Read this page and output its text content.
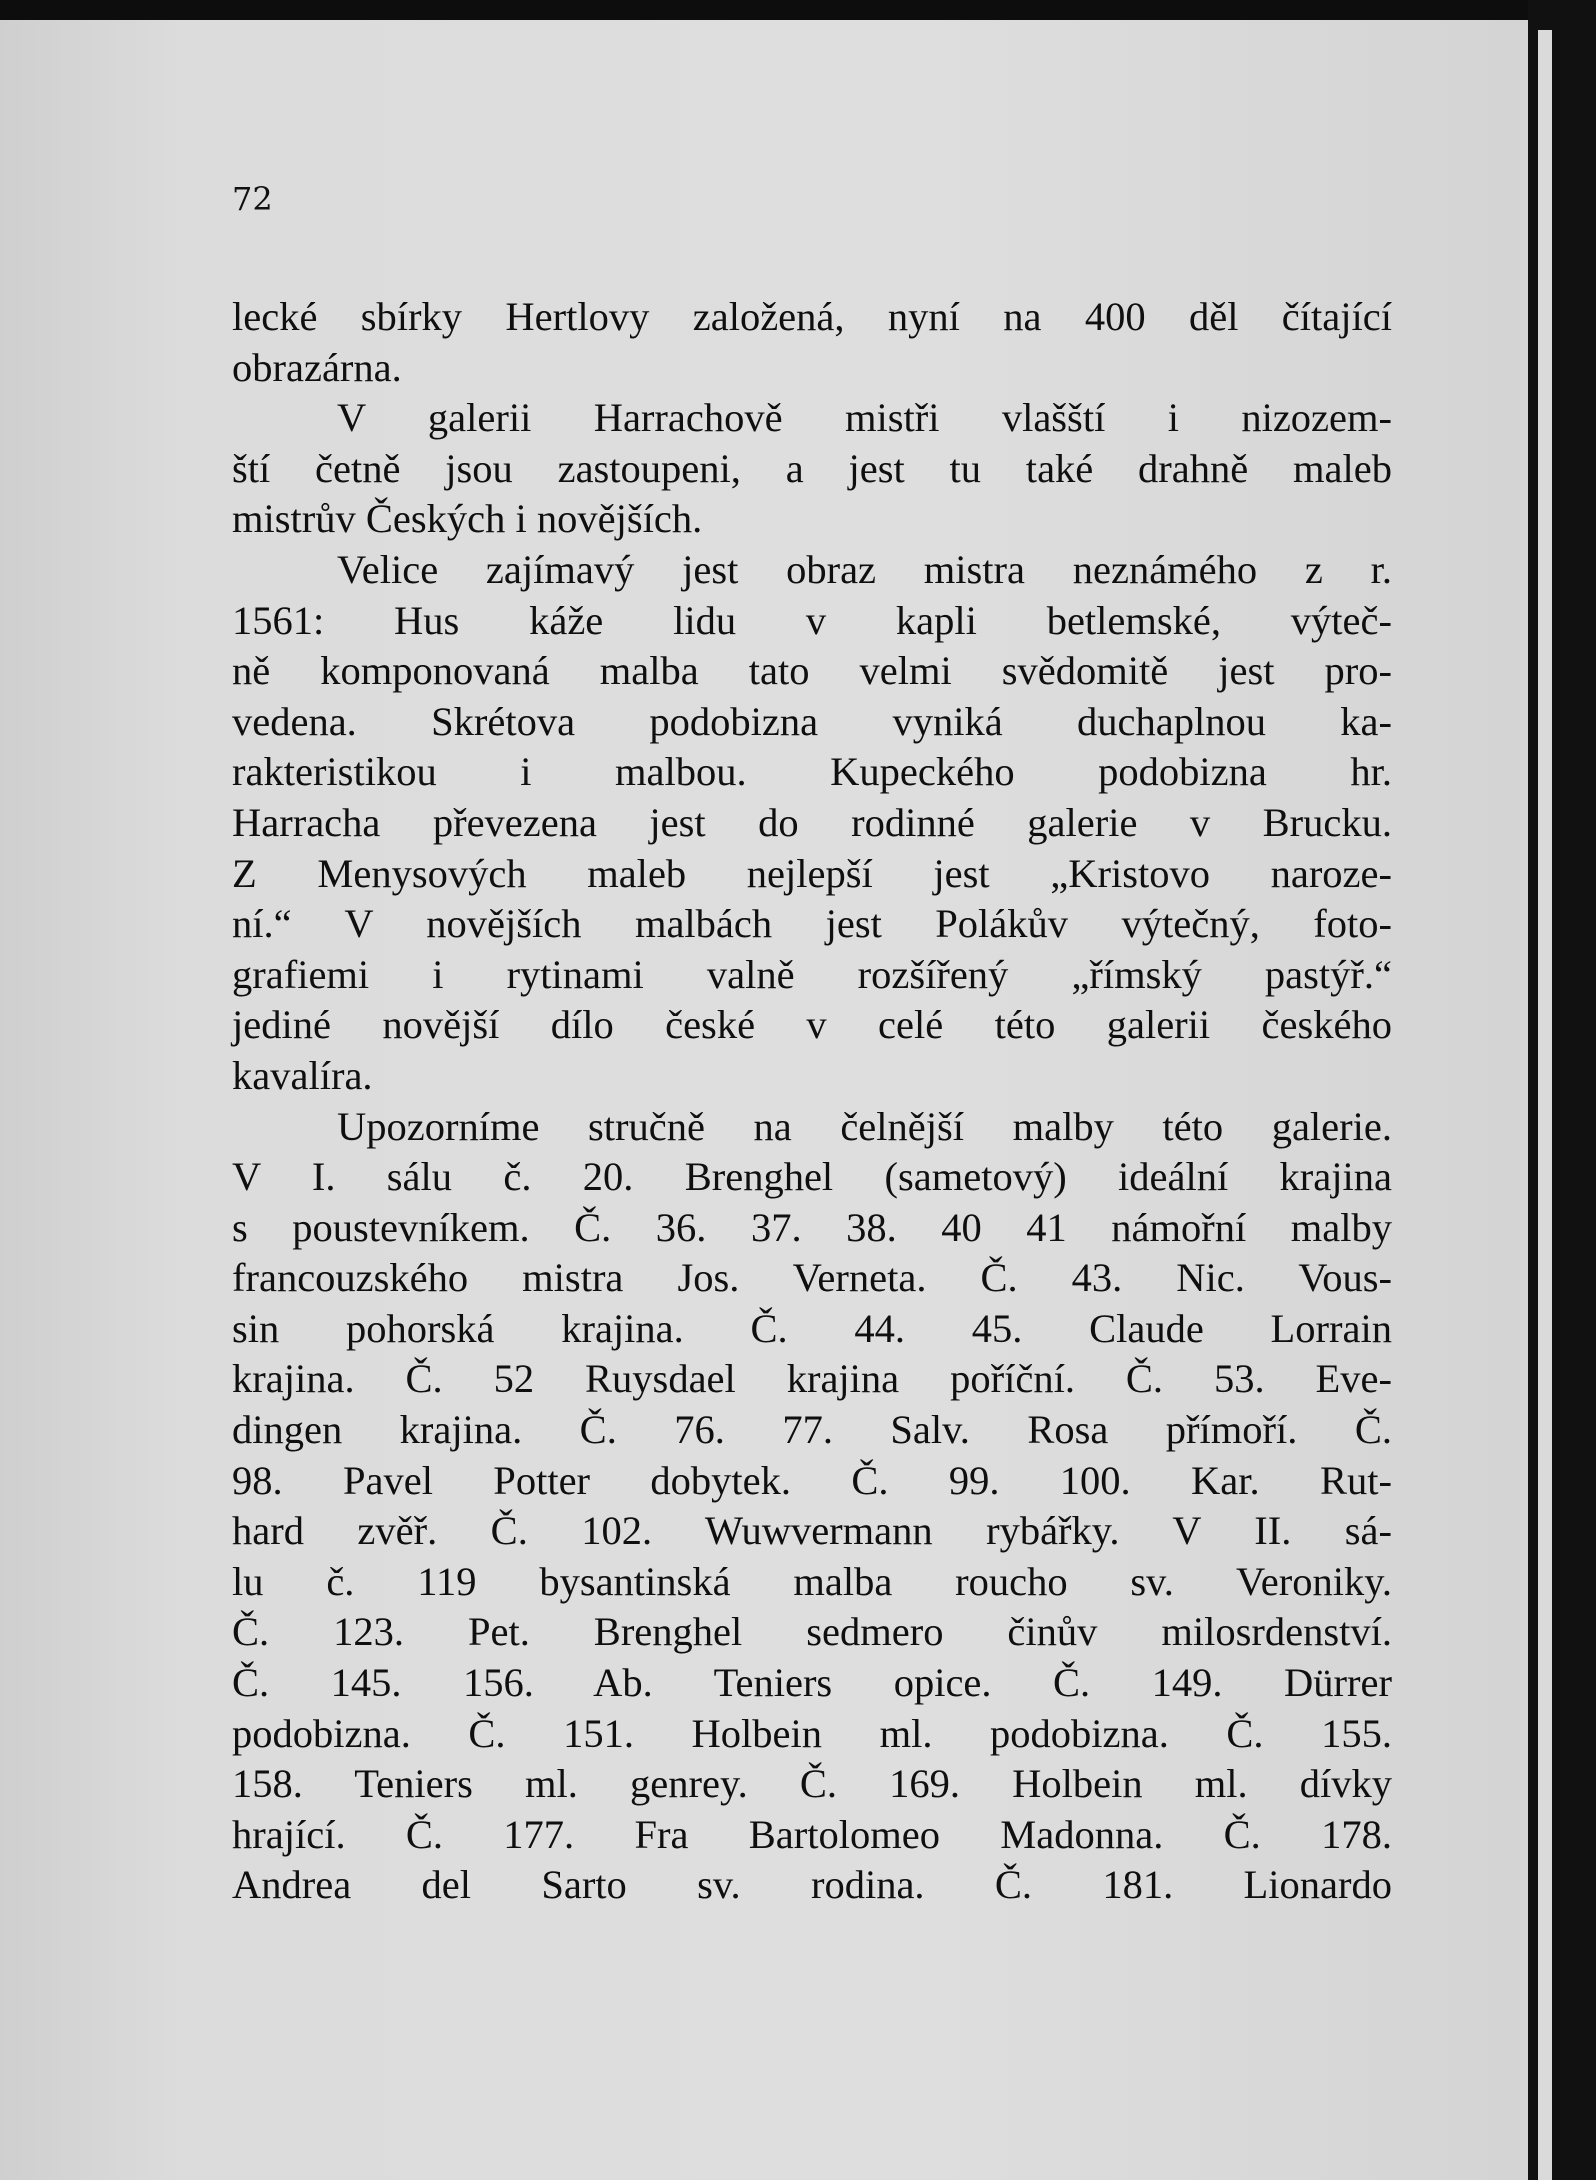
72
lecké sbírky Hertlovy založená, nyní na 400 děl čítající
obrazárna.
V galerii Harrachově mistři vlašští i nizozem-
ští četně jsou zastoupeni, a jest tu také drahně maleb
mistrův Českých i novějších.
Velice zajímavý jest obraz mistra neznámého z r.
1561: Hus káže lidu v kapli betlemské, výteč-
ně komponovaná malba tato velmi svědomitě jest pro-
vedena. Skrétova podobizna vyniká duchaplnou ka-
rakteristikou i malbou. Kupeckého podobizna hr.
Harracha převezena jest do rodinné galerie v Brucku.
Z Menysových maleb nejlepší jest „Kristovo naroze-
ní.“ V novějších malbách jest Polákův výtečný, foto-
grafiemi i rytinami valně rozšířený „římský pastýř.“
jediné novější dílo české v celé této galerii českého
kavalíra.
Upozorníme stručně na čelnější malby této galerie.
V I. sálu č. 20. Brenghel (sametový) ideální krajina
s poustevníkem. Č. 36. 37. 38. 40 41 námořní malby
francouzského mistra Jos. Verneta. Č. 43. Nic. Vous-
sin pohorská krajina. Č. 44. 45. Claude Lorrain
krajina. Č. 52 Ruysdael krajina poříční. Č. 53. Eve-
dingen krajina. Č. 76. 77. Salv. Rosa přímoří. Č.
98. Pavel Potter dobytek. Č. 99. 100. Kar. Rut-
hard zvěř. Č. 102. Wuwvermann rybářky. V II. sá-
lu č. 119 bysantinská malba roucho sv. Veroniky.
Č. 123. Pet. Brenghel sedmero činův milosrdenství.
Č. 145. 156. Ab. Teniers opice. Č. 149. Dürrer
podobizna. Č. 151. Holbein ml. podobizna. Č. 155.
158. Teniers ml. genrey. Č. 169. Holbein ml. dívky
hrající. Č. 177. Fra Bartolomeo Madonna. Č. 178.
Andrea del Sarto sv. rodina. Č. 181. Lionardo
